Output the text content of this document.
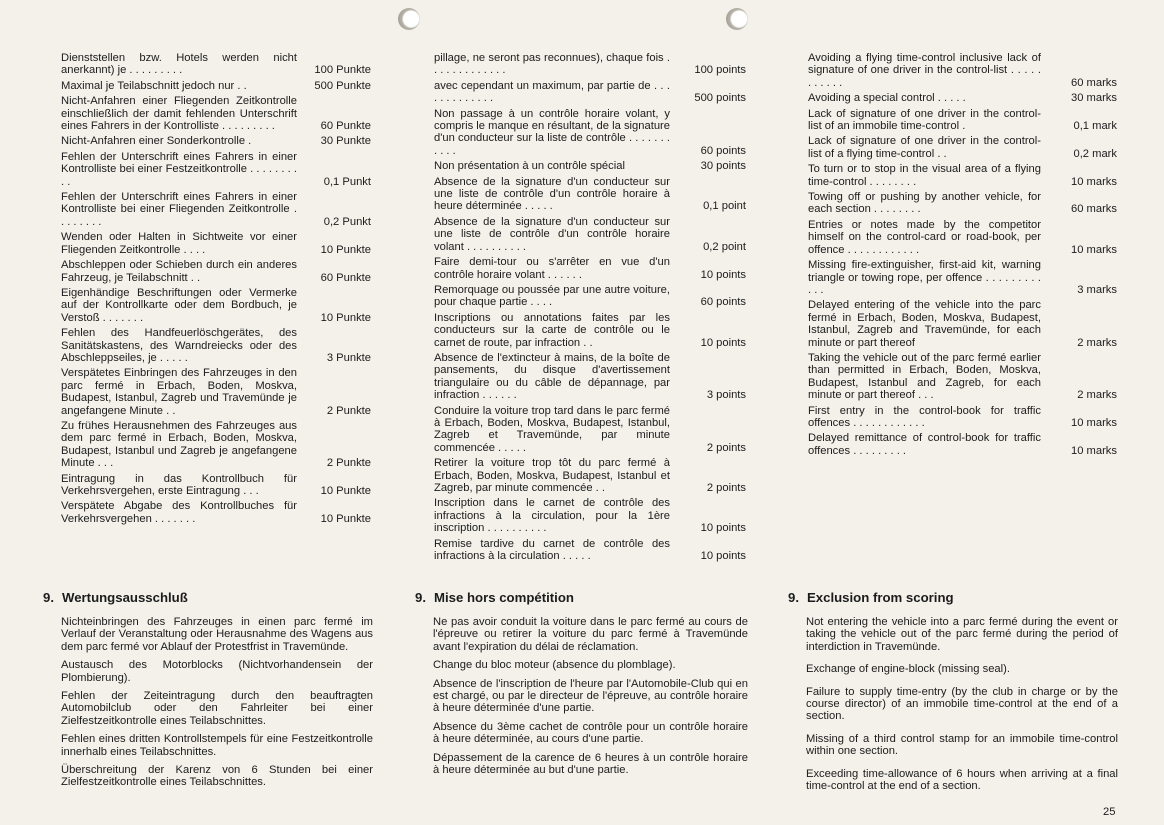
Dienststellen bzw. Hotels werden nicht anerkannt) je . . . . . . . . .	100 Punkte
Maximal je Teilabschnitt jedoch nur . .	500 Punkte
Nicht-Anfahren einer Fliegenden Zeitkontrolle einschließlich der damit fehlenden Unterschrift eines Fahrers in der Kontrolliste . . . . . . . . .	60 Punkte
Nicht-Anfahren einer Sonderkontrolle .	30 Punkte
Fehlen der Unterschrift eines Fahrers in einer Kontrolliste bei einer Festzeitkontrolle . . . . . . . . . .	0,1 Punkt
Fehlen der Unterschrift eines Fahrers in einer Kontrolliste bei einer Fliegenden Zeitkontrolle . . . . . . . .	0,2 Punkt
Wenden oder Halten in Sichtweite vor einer Fliegenden Zeitkontrolle . . . .	10 Punkte
Abschleppen oder Schieben durch ein anderes Fahrzeug, je Teilabschnitt . .	60 Punkte
Eigenhändige Beschriftungen oder Vermerke auf der Kontrollkarte oder dem Bordbuch, je Verstoß . . . . . . .	10 Punkte
Fehlen des Handfeuerlöschgerätes, des Sanitätskastens, des Warndreiecks oder des Abschleppseiles, je . . . . .	3 Punkte
Verspätetes Einbringen des Fahrzeuges in den parc fermé in Erbach, Boden, Moskva, Budapest, Istanbul, Zagreb und Travemünde je angefangene Minute . .	2 Punkte
Zu frühes Herausnehmen des Fahrzeuges aus dem parc fermé in Erbach, Boden, Moskva, Budapest, Istanbul und Zagreb je angefangene Minute . . .	2 Punkte
Eintragung in das Kontrollbuch für Verkehrsvergehen, erste Eintragung . . .	10 Punkte
Verspätete Abgabe des Kontrollbuches für Verkehrsvergehen . . . . . . .	10 Punkte
pillage, ne seront pas reconnues), chaque fois . . . . . . . . . . . . .	100 points
avec cependant un maximum, par partie de . . . . . . . . . . . . .	500 points
Non passage à un contrôle horaire volant, y compris le manque en résultant, de la signature d'un conducteur sur la liste de contrôle . . . . . . . . . . .	60 points
Non présentation à un contrôle spécial	30 points
Absence de la signature d'un conducteur sur une liste de contrôle d'un contrôle horaire à heure déterminée . . . . .	0,1 point
Absence de la signature d'un conducteur sur une liste de contrôle d'un contrôle horaire volant . . . . . . . . . .	0,2 point
Faire demi-tour ou s'arrêter en vue d'un contrôle horaire volant . . . . . .	10 points
Remorquage ou poussée par une autre voiture, pour chaque partie . . . .	60 points
Inscriptions ou annotations faites par les conducteurs sur la carte de contrôle ou le carnet de route, par infraction . .	10 points
Absence de l'extincteur à mains, de la boîte de pansements, du disque d'avertissement triangulaire ou du câble de dépannage, par infraction . . . . . .	3 points
Conduire la voiture trop tard dans le parc fermé à Erbach, Boden, Moskva, Budapest, Istanbul, Zagreb et Travemünde, par minute commencée . . . . .	2 points
Retirer la voiture trop tôt du parc fermé à Erbach, Boden, Moskva, Budapest, Istanbul et Zagreb, par minute commencée . .	2 points
Inscription dans le carnet de contrôle des infractions à la circulation, pour la 1ère inscription . . . . . . . . . .	10 points
Remise tardive du carnet de contrôle des infractions à la circulation . . . . .	10 points
Avoiding a flying time-control inclusive lack of signature of one driver in the control-list . . . . . . . . . . .	60 marks
Avoiding a special control . . . . .	30 marks
Lack of signature of one driver in the control-list of an immobile time-control .	0,1 mark
Lack of signature of one driver in the control-list of a flying time-control . .	0,2 mark
To turn or to stop in the visual area of a flying time-control . . . . . . . .	10 marks
Towing off or pushing by another vehicle, for each section . . . . . . . .	60 marks
Entries or notes made by the competitor himself on the control-card or road-book, per offence . . . . . . . . . . . .	10 marks
Missing fire-extinguisher, first-aid kit, warning triangle or towing rope, per offence . . . . . . . . . . . .	3 marks
Delayed entering of the vehicle into the parc fermé in Erbach, Boden, Moskva, Budapest, Istanbul, Zagreb and Travemünde, for each minute or part thereof	2 marks
Taking the vehicle out of the parc fermé earlier than permitted in Erbach, Boden, Moskva, Budapest, Istanbul and Zagreb, for each minute or part thereof . . .	2 marks
First entry in the control-book for traffic offences . . . . . . . . . . . .	10 marks
Delayed remittance of control-book for traffic offences . . . . . . . . .	10 marks
9. Wertungsausschluß
Nichteinbringen des Fahrzeuges in einen parc fermé im Verlauf der Veranstaltung oder Herausnahme des Wagens aus dem parc fermé vor Ablauf der Protestfrist in Travemünde.
Austausch des Motorblocks (Nichtvorhandensein der Plombierung).
Fehlen der Zeiteintragung durch den beauftragten Automobilclub oder den Fahrleiter bei einer Zielfestzeitkontrolle eines Teilabschnittes.
Fehlen eines dritten Kontrollstempels für eine Festzeitkontrolle innerhalb eines Teilabschnittes.
Überschreitung der Karenz von 6 Stunden bei einer Zielfestzeitkontrolle eines Teilabschnittes.
9. Mise hors compétition
Ne pas avoir conduit la voiture dans le parc fermé au cours de l'épreuve ou retirer la voiture du parc fermé à Travemünde avant l'expiration du délai de réclamation.
Change du bloc moteur (absence du plomblage).
Absence de l'inscription de l'heure par l'Automobile-Club qui en est chargé, ou par le directeur de l'épreuve, au contrôle horaire à heure déterminée d'une partie.
Absence du 3ème cachet de contrôle pour un contrôle horaire à heure déterminée, au cours d'une partie.
Dépassement de la carence de 6 heures à un contrôle horaire à heure déterminée au but d'une partie.
9. Exclusion from scoring
Not entering the vehicle into a parc fermé during the event or taking the vehicle out of the parc fermé during the period of interdiction in Travemünde.
Exchange of engine-block (missing seal).
Failure to supply time-entry (by the club in charge or by the course director) of an immobile time-control at the end of a section.
Missing of a third control stamp for an immobile time-control within one section.
Exceeding time-allowance of 6 hours when arriving at a final time-control at the end of a section.
25
